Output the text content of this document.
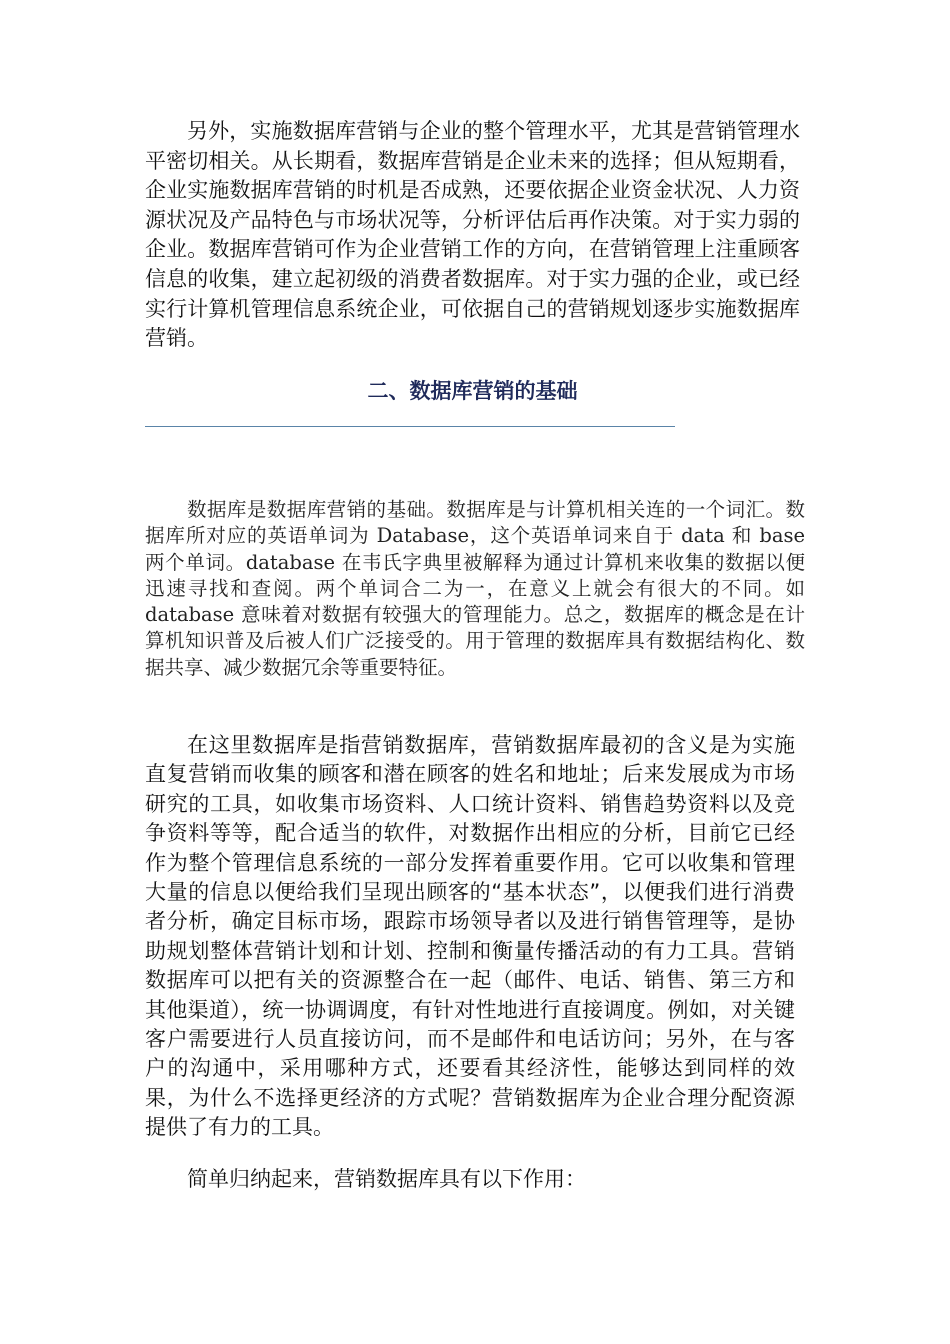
另外，实施数据库营销与企业的整个管理水平，尤其是营销管理水平密切相关。从长期看，数据库营销是企业未来的选择；但从短期看，企业实施数据库营销的时机是否成熟，还要依据企业资金状况、人力资源状况及产品特色与市场状况等，分析评估后再作决策。对于实力弱的企业。数据库营销可作为企业营销工作的方向，在营销管理上注重顾客信息的收集，建立起初级的消费者数据库。对于实力强的企业，或已经实行计算机管理信息系统企业，可依据自己的营销规划逐步实施数据库营销。

二、数据库营销的基础

数据库是数据库营销的基础。数据库是与计算机相关连的一个词汇。数据库所对应的英语单词为 Database，这个英语单词来自于 data 和 base 两个单词。database 在韦氏字典里被解释为通过计算机来收集的数据以便迅速寻找和查阅。两个单词合二为一，在意义上就会有很大的不同。如 database 意味着对数据有较强大的管理能力。总之，数据库的概念是在计算机知识普及后被人们广泛接受的。用于管理的数据库具有数据结构化、数据共享、减少数据冗余等重要特征。

在这里数据库是指营销数据库，营销数据库最初的含义是为实施直复营销而收集的顾客和潜在顾客的姓名和地址；后来发展成为市场研究的工具，如收集市场资料、人口统计资料、销售趋势资料以及竞争资料等等，配合适当的软件，对数据作出相应的分析，目前它已经作为整个管理信息系统的一部分发挥着重要作用。它可以收集和管理大量的信息以便给我们呈现出顾客的“基本状态”，以便我们进行消费者分析，确定目标市场，跟踪市场领导者以及进行销售管理等，是协助规划整体营销计划和计划、控制和衡量传播活动的有力工具。营销数据库可以把有关的资源整合在一起（邮件、电话、销售、第三方和其他渠道），统一协调调度，有针对性地进行直接调度。例如，对关键客户需要进行人员直接访问，而不是邮件和电话访问；另外，在与客户的沟通中，采用哪种方式，还要看其经济性，能够达到同样的效果，为什么不选择更经济的方式呢？营销数据库为企业合理分配资源提供了有力的工具。

简单归纳起来，营销数据库具有以下作用：
